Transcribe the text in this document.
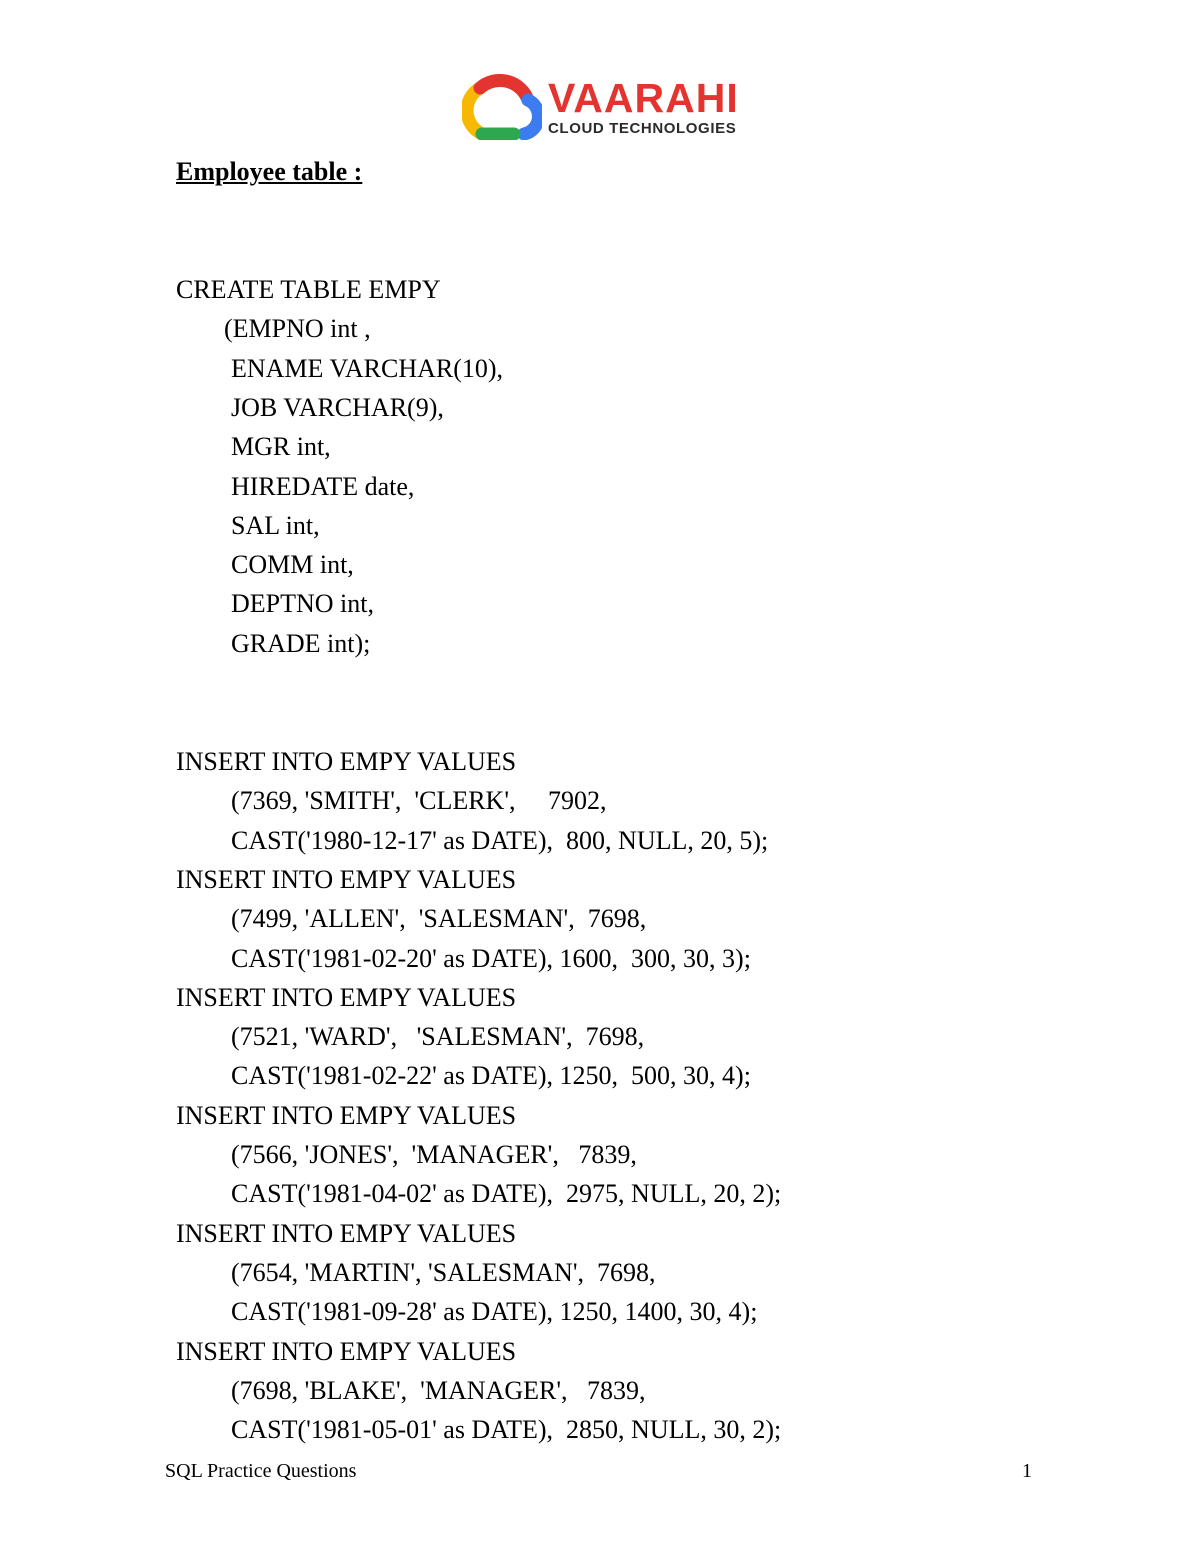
VAARAHI
CLOUD TECHNOLOGIES
Employee table :
CREATE TABLE EMPY
(EMPNO int ,
ENAME VARCHAR(10),
JOB VARCHAR(9),
MGR int,
HIREDATE date,
SAL int,
COMM int,
DEPTNO int,
GRADE int);
INSERT INTO EMPY VALUES
(7369, 'SMITH',  'CLERK',     7902,
CAST('1980-12-17' as DATE),  800, NULL, 20, 5);
INSERT INTO EMPY VALUES
(7499, 'ALLEN',  'SALESMAN',  7698,
CAST('1981-02-20' as DATE), 1600,  300, 30, 3);
INSERT INTO EMPY VALUES
(7521, 'WARD',   'SALESMAN',  7698,
CAST('1981-02-22' as DATE), 1250,  500, 30, 4);
INSERT INTO EMPY VALUES
(7566, 'JONES',  'MANAGER',   7839,
CAST('1981-04-02' as DATE),  2975, NULL, 20, 2);
INSERT INTO EMPY VALUES
(7654, 'MARTIN', 'SALESMAN',  7698,
CAST('1981-09-28' as DATE), 1250, 1400, 30, 4);
INSERT INTO EMPY VALUES
(7698, 'BLAKE',  'MANAGER',   7839,
CAST('1981-05-01' as DATE),  2850, NULL, 30, 2);
SQL Practice Questions	1
